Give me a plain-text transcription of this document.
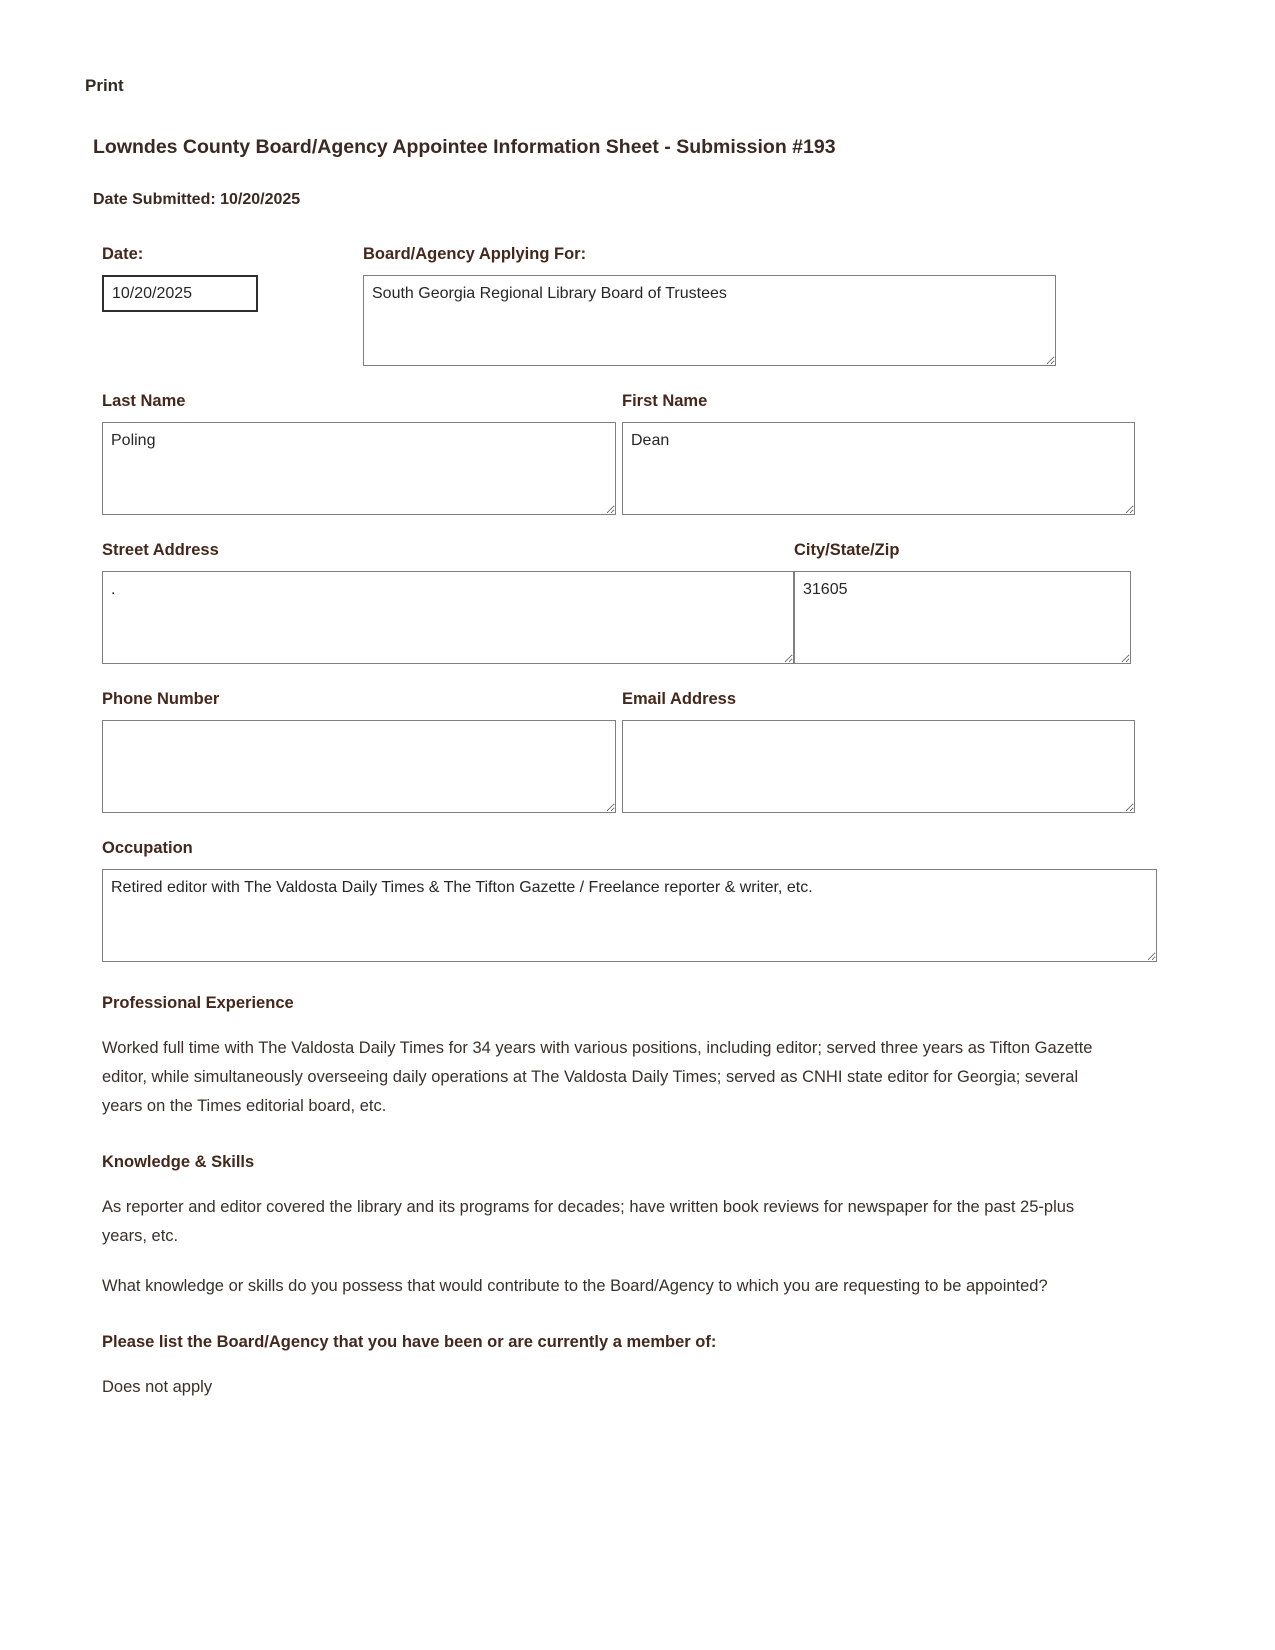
Print
Lowndes County Board/Agency Appointee Information Sheet - Submission #193
Date Submitted: 10/20/2025
Date:
10/20/2025	Board/Agency Applying For:
South Georgia Regional Library Board of Trustees
Last Name
Poling	First Name
Dean
Street Address
.	City/State/Zip
31605
Phone Number	Email Address
Occupation
Retired editor with The Valdosta Daily Times & The Tifton Gazette / Freelance reporter & writer, etc.
Professional Experience

Worked full time with The Valdosta Daily Times for 34 years with various positions, including editor; served three years as Tifton Gazette editor, while simultaneously overseeing daily operations at The Valdosta Daily Times; served as CNHI state editor for Georgia; several years on the Times editorial board, etc.

Knowledge & Skills

As reporter and editor covered the library and its programs for decades; have written book reviews for newspaper for the past 25-plus years, etc.

What knowledge or skills do you possess that would contribute to the Board/Agency to which you are requesting to be appointed?

Please list the Board/Agency that you have been or are currently a member of:

Does not apply
